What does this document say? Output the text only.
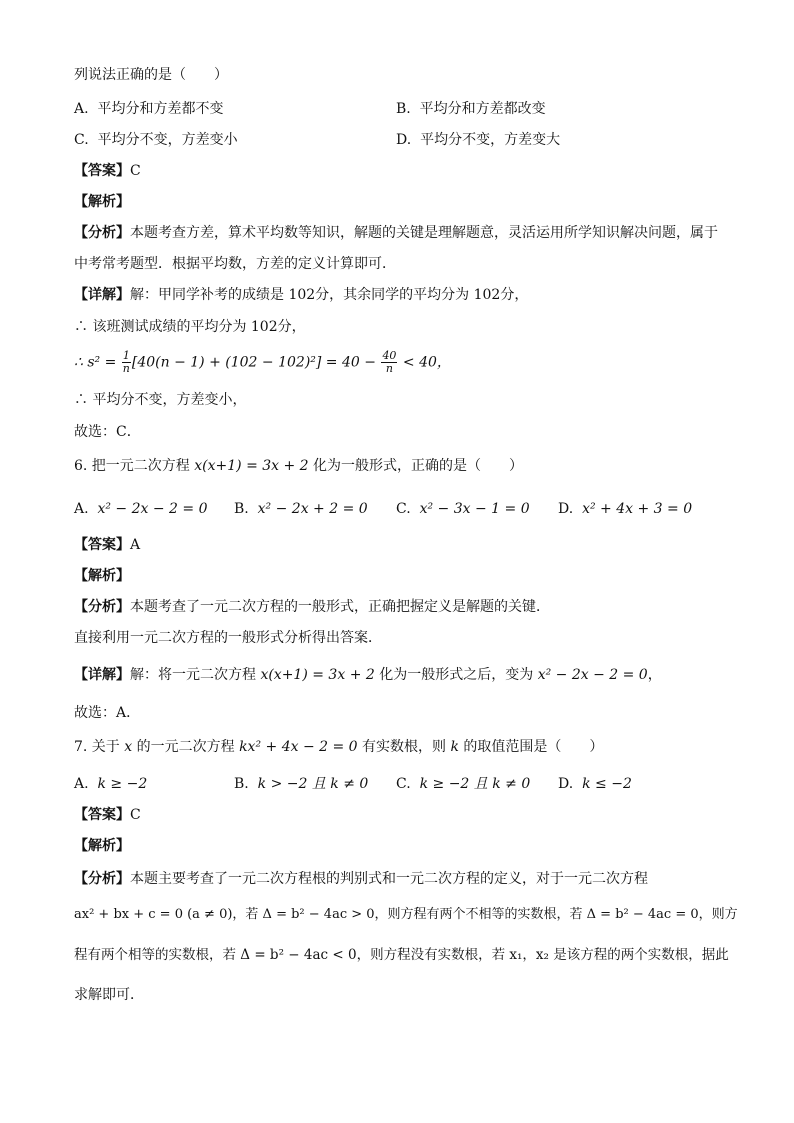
列说法正确的是（　　）
A. 平均分和方差都不变	B. 平均分和方差都改变
C. 平均分不变，方差变小	D. 平均分不变，方差变大
【答案】C
【解析】
【分析】本题考查方差，算术平均数等知识，解题的关键是理解题意，灵活运用所学知识解决问题，属于
中考常考题型．根据平均数，方差的定义计算即可．
【详解】解：甲同学补考的成绩是 102分，其余同学的平均分为 102分，
∴ 该班测试成绩的平均分为 102分，
∴ $s^2 = \frac{1}{n} [40(n - 1) + (102 - 102)^2] = 40 - \frac{40}{n} < 40$，
∴ 平均分不变，方差变小，
故选：C．
6. 把一元二次方程 x(x+1) = 3x + 2 化为一般形式，正确的是（　　）
A. x² − 2x − 2 = 0 B. x² − 2x + 2 = 0 C. x² − 3x − 1 = 0 D. x² + 4x + 3 = 0
【答案】A
【解析】
【分析】本题考查了一元二次方程的一般形式，正确把握定义是解题的关键．
直接利用一元二次方程的一般形式分析得出答案．
【详解】解：将一元二次方程 x(x+1) = 3x + 2 化为一般形式之后，变为 x² − 2x − 2 = 0，
故选：A．
7. 关于 x 的一元二次方程 kx² + 4x − 2 = 0 有实数根，则 k 的取值范围是（　　）
A. k ≥ −2	B. k > −2 且 k ≠ 0 C. k ≥ −2 且 k ≠ 0 D. k ≤ −2
【答案】C
【解析】
【分析】本题主要考查了一元二次方程根的判别式和一元二次方程的定义，对于一元二次方程
ax² + bx + c = 0 (a ≠ 0)，若 Δ = b² − 4ac > 0，则方程有两个不相等的实数根，若 Δ = b² − 4ac = 0，则方
程有两个相等的实数根，若 Δ = b² − 4ac < 0，则方程没有实数根，若 x₁，x₂ 是该方程的两个实数根，据此
求解即可．
